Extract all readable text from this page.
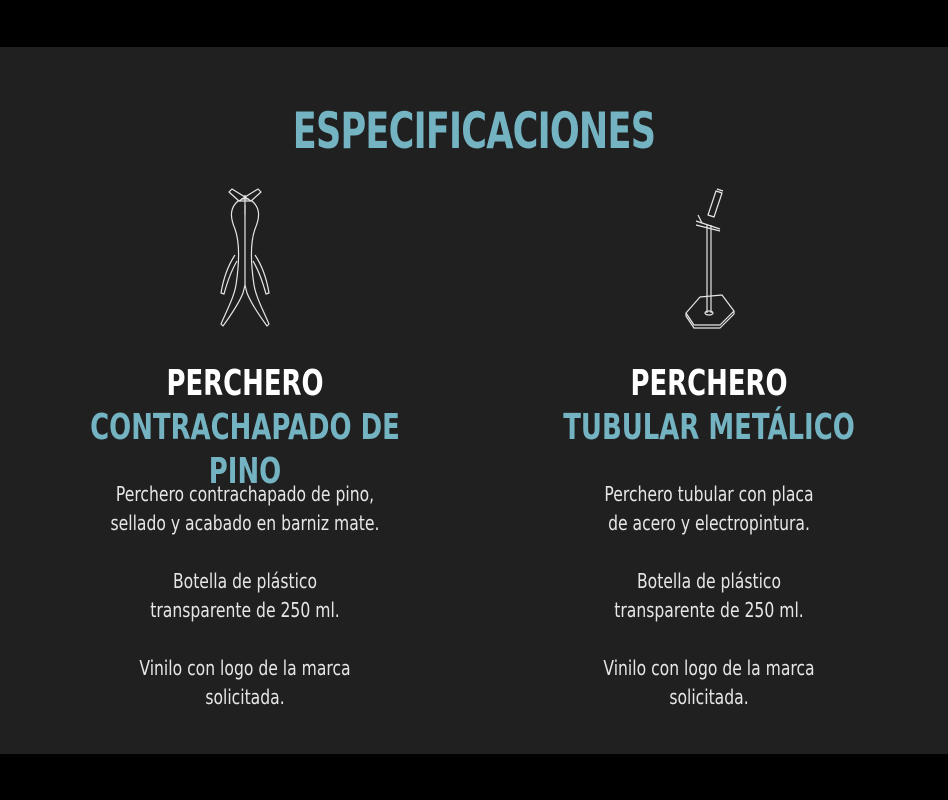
ESPECIFICACIONES
PERCHERO
CONTRACHAPADO DE PINO

Perchero contrachapado de pino,
sellado y acabado en barniz mate.

Botella de plástico
transparente de 250 ml.

Vinilo con logo de la marca
solicitada.

PERCHERO
TUBULAR METÁLICO

Perchero tubular con placa
de acero y electropintura.

Botella de plástico
transparente de 250 ml.

Vinilo con logo de la marca
solicitada.
